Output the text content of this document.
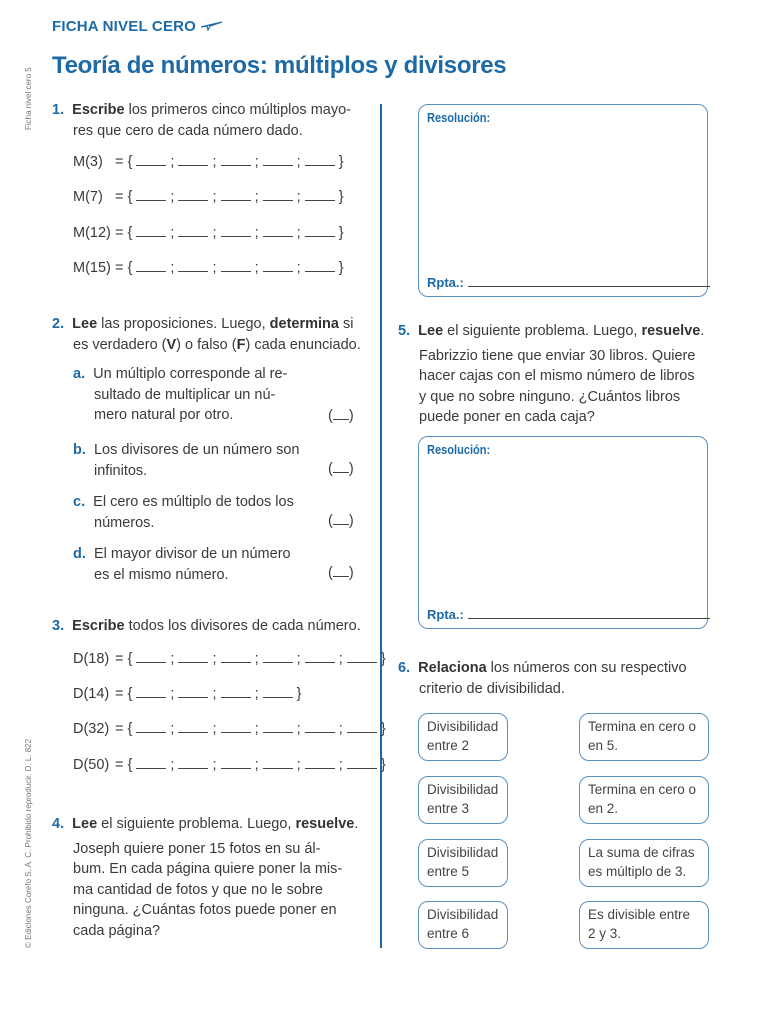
FICHA NIVEL CERO
Teoría de números: múltiplos y divisores
Ficha nivel cero 5
© Ediciones Corefo S. A. C. Prohibido reproducir. D. L. 822
1. Escribe los primeros cinco múltiplos mayo-
res que cero de cada número dado.
M(3) = {  ;  ;  ;  ;  }
M(7) = {  ;  ;  ;  ;  }
M(12) = {  ;  ;  ;  ;  }
M(15) = {  ;  ;  ;  ;  }
2. Lee las proposiciones. Luego, determina si
es verdadero (V) o falso (F) cada enunciado.
a. Un múltiplo corresponde al re-
sultado de multiplicar un nú-
mero natural por otro.	( )
b. Los divisores de un número son
infinitos.	( )
c. El cero es múltiplo de todos los
números.	( )
d. El mayor divisor de un número
es el mismo número.	( )
3. Escribe todos los divisores de cada número.
D(18) = {  ;  ;  ;  ;  ;  }
D(14) = {  ;  ;  ;  }
D(32) = {  ;  ;  ;  ;  ;  }
D(50) = {  ;  ;  ;  ;  ;  }
4. Lee el siguiente problema. Luego, resuelve.
Joseph quiere poner 15 fotos en su ál-
bum. En cada página quiere poner la mis-
ma cantidad de fotos y que no le sobre
ninguna. ¿Cuántas fotos puede poner en
cada página?
Resolución:
Rpta.:
5. Lee el siguiente problema. Luego, resuelve.
Fabrizzio tiene que enviar 30 libros. Quiere
hacer cajas con el mismo número de libros
y que no sobre ninguno. ¿Cuántos libros
puede poner en cada caja?
Resolución:
Rpta.:
6. Relaciona los números con su respectivo
criterio de divisibilidad.
Divisibilidad
entre 2
Divisibilidad
entre 3
Divisibilidad
entre 5
Divisibilidad
entre 6
Termina en cero o
en 5.
Termina en cero o
en 2.
La suma de cifras
es múltiplo de 3.
Es divisible entre
2 y 3.
